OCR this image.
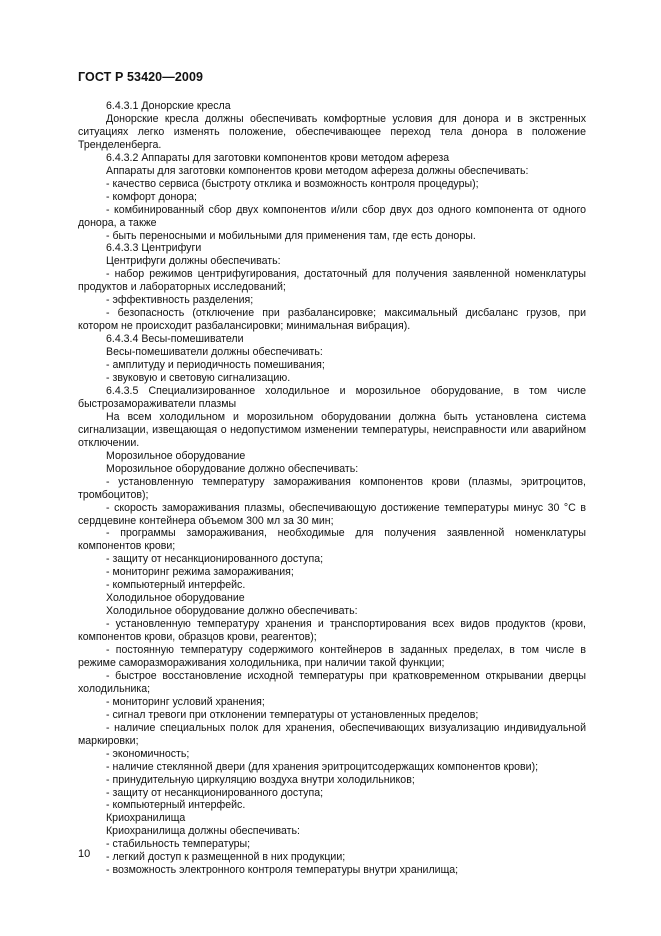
ГОСТ Р 53420—2009

6.4.3.1 Донорские кресла

Донорские кресла должны обеспечивать комфортные условия для донора и в экстренных ситуациях легко изменять положение, обеспечивающее переход тела донора в положение Тренделенберга.

6.4.3.2 Аппараты для заготовки компонентов крови методом афереза

Аппараты для заготовки компонентов крови методом афереза должны обеспечивать:

- качество сервиса (быстроту отклика и возможность контроля процедуры);

- комфорт донора;

- комбинированный сбор двух компонентов и/или сбор двух доз одного компонента от одного донора, а также

- быть переносными и мобильными для применения там, где есть доноры.

6.4.3.3 Центрифуги

Центрифуги должны обеспечивать:

- набор режимов центрифугирования, достаточный для получения заявленной номенклатуры продуктов и лабораторных исследований;

- эффективность разделения;

- безопасность (отключение при разбалансировке; максимальный дисбаланс грузов, при котором не происходит разбалансировки; минимальная вибрация).

6.4.3.4 Весы-помешиватели

Весы-помешиватели должны обеспечивать:

- амплитуду и периодичность помешивания;

- звуковую и световую сигнализацию.

6.4.3.5 Специализированное холодильное и морозильное оборудование, в том числе быстрозамораживатели плазмы

На всем холодильном и морозильном оборудовании должна быть установлена система сигнализации, извещающая о недопустимом изменении температуры, неисправности или аварийном отключении.

Морозильное оборудование

Морозильное оборудование должно обеспечивать:

- установленную температуру замораживания компонентов крови (плазмы, эритроцитов, тромбоцитов);

- скорость замораживания плазмы, обеспечивающую достижение температуры минус 30 °С в сердцевине контейнера объемом 300 мл за 30 мин;

- программы замораживания, необходимые для получения заявленной номенклатуры компонентов крови;

- защиту от несанкционированного доступа;

- мониторинг режима замораживания;

- компьютерный интерфейс.

Холодильное оборудование

Холодильное оборудование должно обеспечивать:

- установленную температуру хранения и транспортирования всех видов продуктов (крови, компонентов крови, образцов крови, реагентов);

- постоянную температуру содержимого контейнеров в заданных пределах, в том числе в режиме саморазмораживания холодильника, при наличии такой функции;

- быстрое восстановление исходной температуры при кратковременном открывании дверцы холодильника;

- мониторинг условий хранения;

- сигнал тревоги при отклонении температуры от установленных пределов;

- наличие специальных полок для хранения, обеспечивающих визуализацию индивидуальной маркировки;

- экономичность;

- наличие стеклянной двери (для хранения эритроцитсодержащих компонентов крови);

- принудительную циркуляцию воздуха внутри холодильников;

- защиту от несанкционированного доступа;

- компьютерный интерфейс.

Криохранилища

Криохранилища должны обеспечивать:

- стабильность температуры;

- легкий доступ к размещенной в них продукции;

- возможность электронного контроля температуры внутри хранилища;

10
